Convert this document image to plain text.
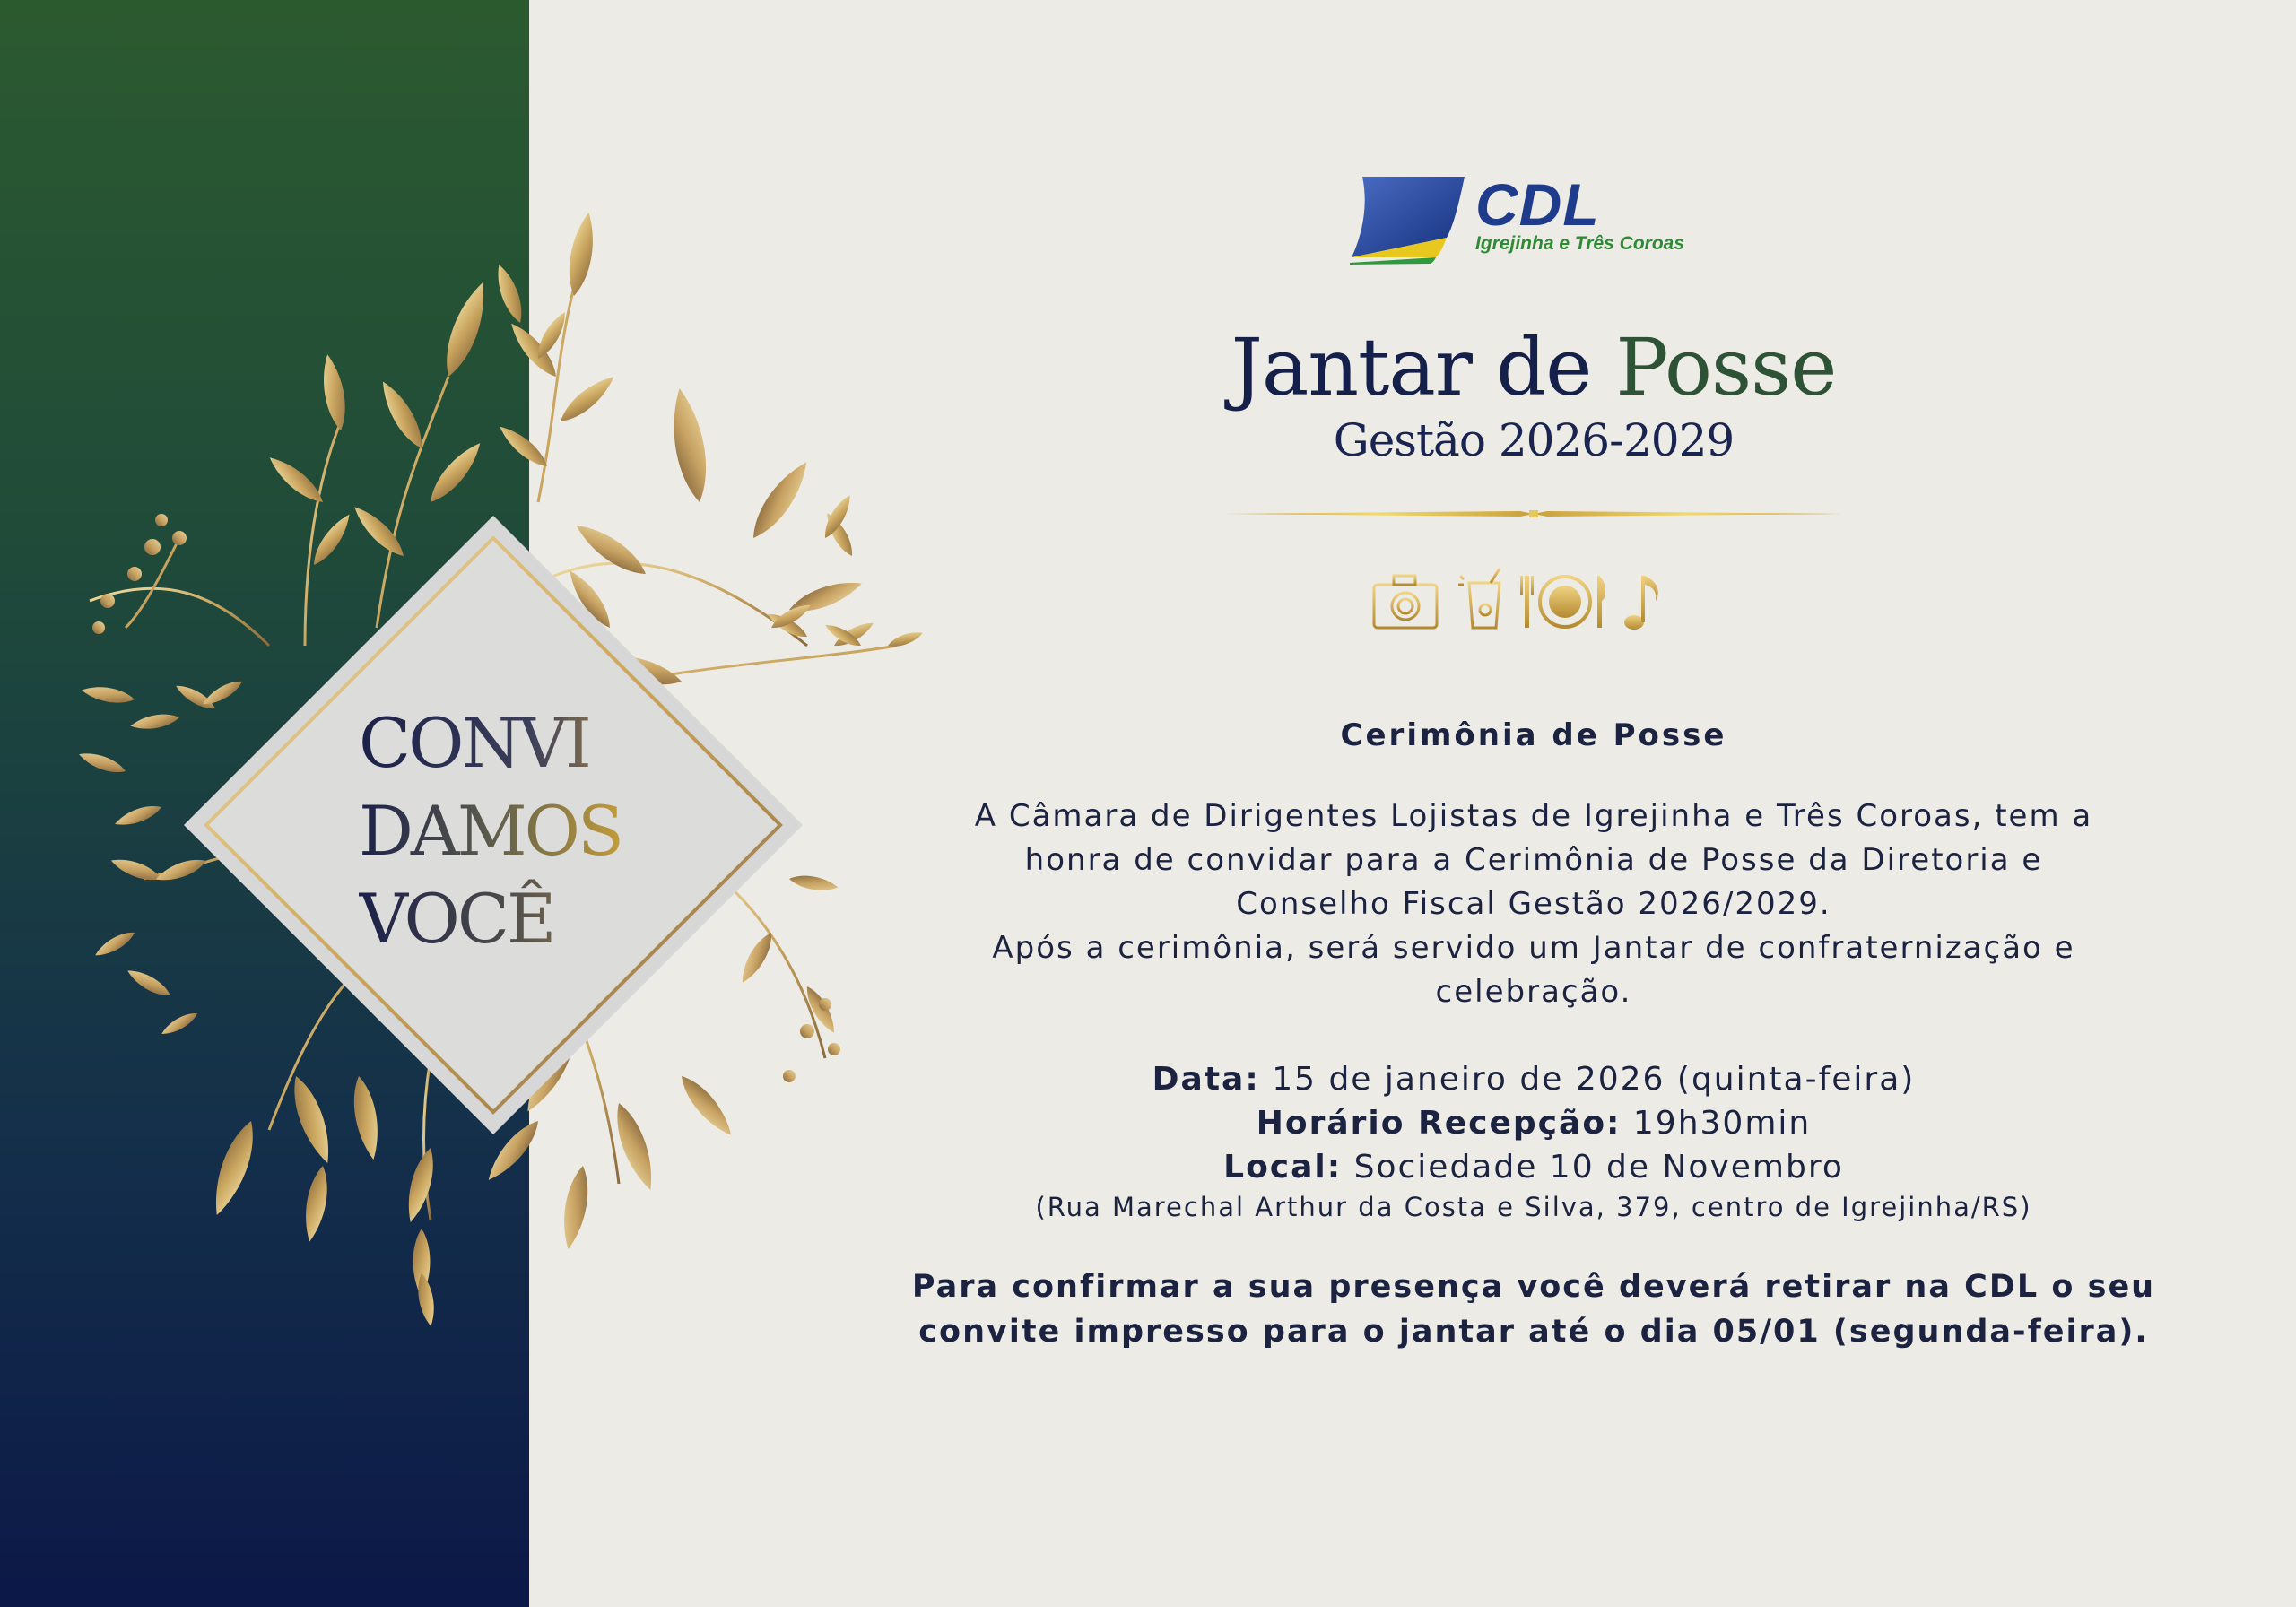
CONVI
DAMOS
VOCÊ
CDL
Igrejinha e Três Coroas
Jantar de Posse
Gestão 2026-2029
Cerimônia de Posse
A Câmara de Dirigentes Lojistas de Igrejinha e Três Coroas, tem a
honra de convidar para a Cerimônia de Posse da Diretoria e
Conselho Fiscal Gestão 2026/2029.
Após a cerimônia, será servido um Jantar de confraternização e
celebração.
Data: 15 de janeiro de 2026 (quinta-feira)
Horário Recepção: 19h30min
Local: Sociedade 10 de Novembro
(Rua Marechal Arthur da Costa e Silva, 379, centro de Igrejinha/RS)
Para confirmar a sua presença você deverá retirar na CDL o seu
convite impresso para o jantar até o dia 05/01 (segunda-feira).
